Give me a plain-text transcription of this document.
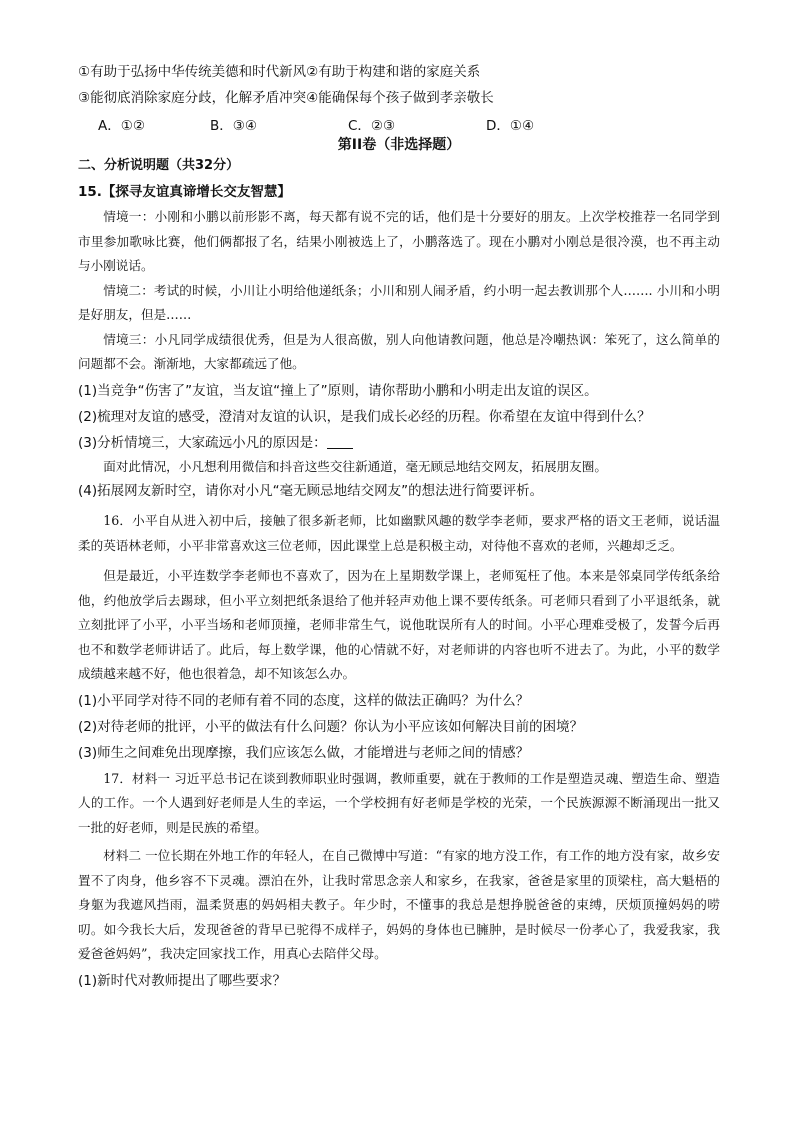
①有助于弘扬中华传统美德和时代新风②有助于构建和谐的家庭关系
③能彻底消除家庭分歧，化解矛盾冲突④能确保每个孩子做到孝亲敬长
A．①②	B．③④	C．②③	D．①④
第II卷（非选择题）
二、分析说明题（共32分）
15.【探寻友谊真谛增长交友智慧】
情境一：小刚和小鹏以前形影不离，每天都有说不完的话，他们是十分要好的朋友。上次学校推荐一名同学到市里参加歌咏比赛，他们俩都报了名，结果小刚被选上了，小鹏落选了。现在小鹏对小刚总是很冷漠，也不再主动与小刚说话。
情境二：考试的时候，小川让小明给他递纸条；小川和别人闹矛盾，约小明一起去教训那个人……. 小川和小明是好朋友，但是……
情境三：小凡同学成绩很优秀，但是为人很高傲，别人向他请教问题，他总是冷嘲热讽：笨死了，这么简单的问题都不会。渐渐地，大家都疏远了他。
(1)当竞争“伤害了”友谊，当友谊“撞上了”原则，请你帮助小鹏和小明走出友谊的误区。
(2)梳理对友谊的感受，澄清对友谊的认识，是我们成长必经的历程。你希望在友谊中得到什么？
(3)分析情境三，大家疏远小凡的原因是：
面对此情况，小凡想利用微信和抖音这些交往新通道，毫无顾忌地结交网友，拓展朋友圈。
(4)拓展网友新时空，请你对小凡“毫无顾忌地结交网友”的想法进行简要评析。
16．小平自从进入初中后，接触了很多新老师，比如幽默风趣的数学李老师，要求严格的语文王老师，说话温柔的英语林老师，小平非常喜欢这三位老师，因此课堂上总是积极主动，对待他不喜欢的老师，兴趣却乏乏。
但是最近，小平连数学李老师也不喜欢了，因为在上星期数学课上，老师冤枉了他。本来是邻桌同学传纸条给他，约他放学后去踢球，但小平立刻把纸条退给了他并轻声劝他上课不要传纸条。可老师只看到了小平退纸条，就立刻批评了小平，小平当场和老师顶撞，老师非常生气，说他耽误所有人的时间。小平心理难受极了，发誓今后再也不和数学老师讲话了。此后，每上数学课，他的心情就不好，对老师讲的内容也听不进去了。为此，小平的数学成绩越来越不好，他也很着急，却不知该怎么办。
(1)小平同学对待不同的老师有着不同的态度，这样的做法正确吗？为什么？
(2)对待老师的批评，小平的做法有什么问题？你认为小平应该如何解决目前的困境？
(3)师生之间难免出现摩擦，我们应该怎么做，才能增进与老师之间的情感？
17．材料一 习近平总书记在谈到教师职业时强调，教师重要，就在于教师的工作是塑造灵魂、塑造生命、塑造人的工作。一个人遇到好老师是人生的幸运，一个学校拥有好老师是学校的光荣，一个民族源源不断涌现出一批又一批的好老师，则是民族的希望。
材料二 一位长期在外地工作的年轻人，在自己微博中写道：“有家的地方没工作，有工作的地方没有家，故乡安置不了肉身，他乡容不下灵魂。漂泊在外，让我时常思念亲人和家乡，在我家，爸爸是家里的顶梁柱，高大魁梧的身躯为我遮风挡雨，温柔贤惠的妈妈相夫教子。年少时，不懂事的我总是想挣脱爸爸的束缚，厌烦顶撞妈妈的唠叨。如今我长大后，发现爸爸的背早已驼得不成样子，妈妈的身体也已臃肿，是时候尽一份孝心了，我爱我家，我爱爸爸妈妈”，我决定回家找工作，用真心去陪伴父母。
(1)新时代对教师提出了哪些要求？
